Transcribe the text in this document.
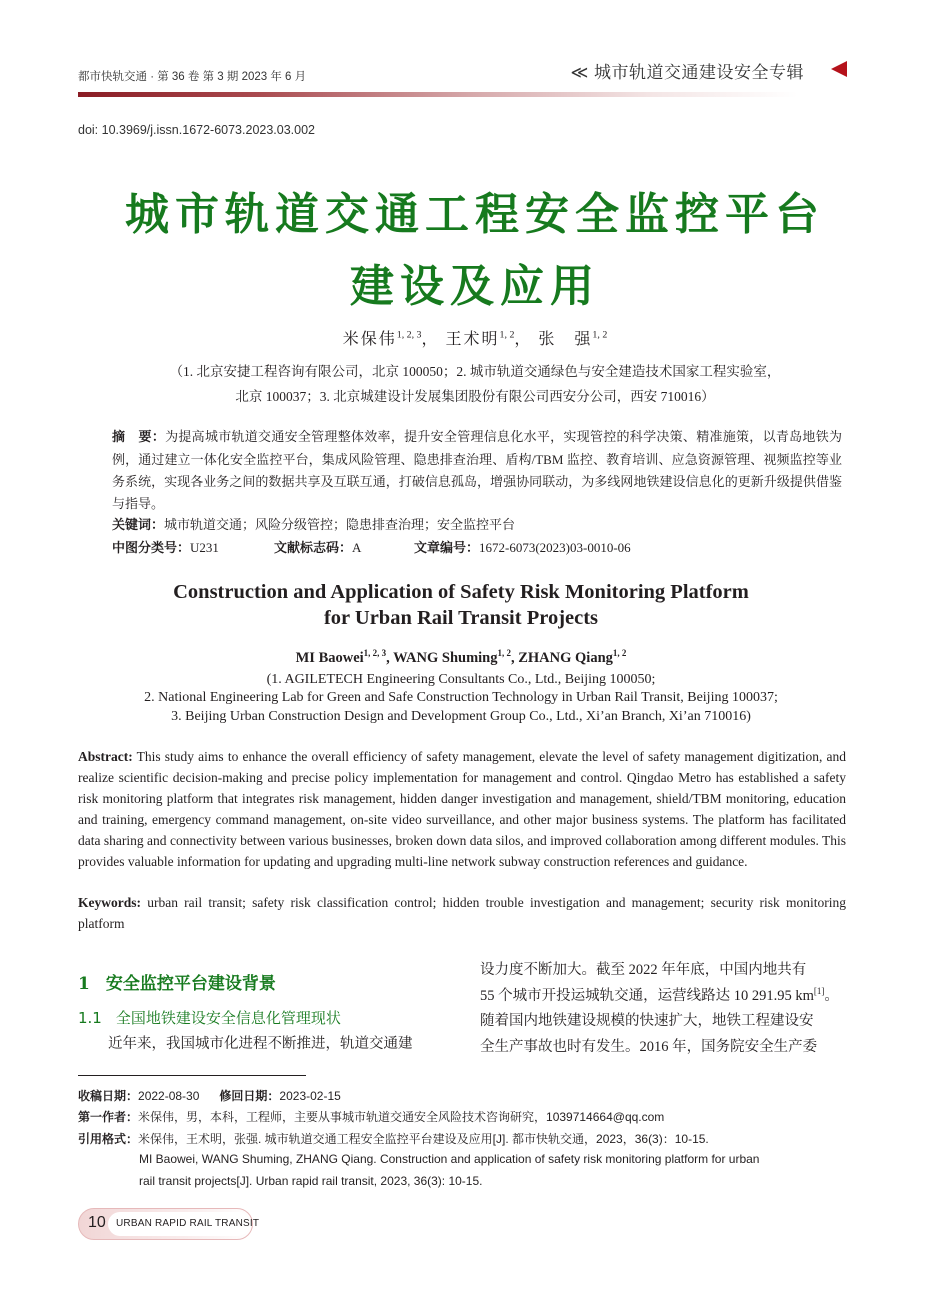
都市快轨交通 · 第 36 卷 第 3 期 2023 年 6 月	≪ 城市轨道交通建设安全专辑
doi: 10.3969/j.issn.1672-6073.2023.03.002
城市轨道交通工程安全监控平台
建设及应用
米保伟$^{1, 2, 3}$， 王术明$^{1, 2}$， 张　强$^{1, 2}$
（1. 北京安捷工程咨询有限公司，北京 100050；2. 城市轨道交通绿色与安全建造技术国家工程实验室，
北京 100037；3. 北京城建设计发展集团股份有限公司西安分公司，西安 710016）
摘　要：为提高城市轨道交通安全管理整体效率，提升安全管理信息化水平，实现管控的科学决策、精准施策，以青岛地铁为例，通过建立一体化安全监控平台，集成风险管理、隐患排查治理、盾构/TBM 监控、教育培训、应急资源管理、视频监控等业务系统，实现各业务之间的数据共享及互联互通，打破信息孤岛，增强协同联动，为多线网地铁建设信息化的更新升级提供借鉴与指导。
关键词：城市轨道交通；风险分级管控；隐患排查治理；安全监控平台
中图分类号：U231	文献标志码：A	文章编号：1672-6073(2023)03-0010-06
Construction and Application of Safety Risk Monitoring Platform
for Urban Rail Transit Projects
MI Baowei$^{1, 2, 3}$, WANG Shuming$^{1, 2}$, ZHANG Qiang$^{1, 2}$
(1. AGILETECH Engineering Consultants Co., Ltd., Beijing 100050;
2. National Engineering Lab for Green and Safe Construction Technology in Urban Rail Transit, Beijing 100037;
3. Beijing Urban Construction Design and Development Group Co., Ltd., Xi’an Branch, Xi’an 710016)
Abstract: This study aims to enhance the overall efficiency of safety management, elevate the level of safety management digitization, and realize scientific decision-making and precise policy implementation for management and control. Qingdao Metro has established a safety risk monitoring platform that integrates risk management, hidden danger investigation and management, shield/TBM monitoring, education and training, emergency command management, on-site video surveillance, and other major business systems. The platform has facilitated data sharing and connectivity between various businesses, broken down data silos, and improved collaboration among different modules. This provides valuable information for updating and upgrading multi-line network subway construction references and guidance.
Keywords: urban rail transit; safety risk classification control; hidden trouble investigation and management; security risk monitoring platform
1 安全监控平台建设背景
1.1 全国地铁建设安全信息化管理现状
近年来，我国城市化进程不断推进，轨道交通建
设力度不断加大。截至 2022 年年底，中国内地共有
55 个城市开投运城轨交通，运营线路达 10 291.95 km[1]。
随着国内地铁建设规模的快速扩大，地铁工程建设安
全生产事故也时有发生。2016 年，国务院安全生产委
收稿日期：2022-08-30 修回日期：2023-02-15
第一作者：米保伟，男，本科，工程师，主要从事城市轨道交通安全风险技术咨询研究，1039714664@qq.com
引用格式：米保伟，王术明，张强. 城市轨道交通工程安全监控平台建设及应用[J]. 都市快轨交通，2023，36(3)：10-15.
MI Baowei, WANG Shuming, ZHANG Qiang. Construction and application of safety risk monitoring platform for urban
rail transit projects[J]. Urban rapid rail transit, 2023, 36(3): 10-15.
10 URBAN RAPID RAIL TRANSIT
